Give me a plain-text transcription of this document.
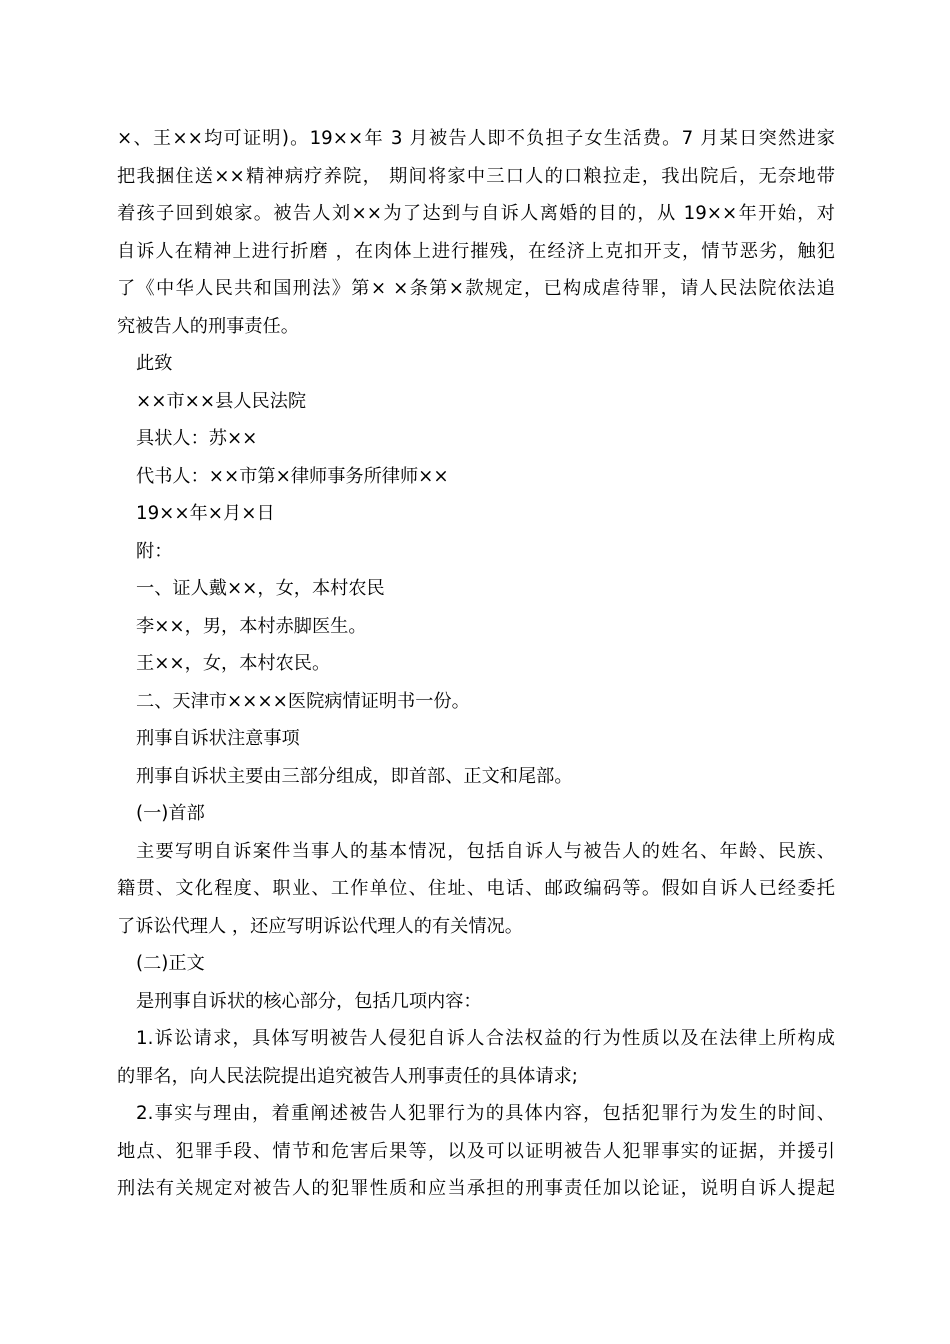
×、王××均可证明)。19××年 3 月被告人即不负担子女生活费。7 月某日突然进家
把我捆住送××精神病疗养院， 期间将家中三口人的口粮拉走，我出院后，无奈地带
着孩子回到娘家。被告人刘××为了达到与自诉人离婚的目的，从 19××年开始，对
自诉人在精神上进行折磨 ，在肉体上进行摧残，在经济上克扣开支，情节恶劣，触犯
了《中华人民共和国刑法》第× ×条第×款规定，已构成虐待罪，请人民法院依法追
究被告人的刑事责任。
此致
××市××县人民法院
具状人：苏××
代书人：××市第×律师事务所律师××
19××年×月×日
附：
一、证人戴××，女，本村农民
李××，男，本村赤脚医生。
王××，女，本村农民。
二、天津市××××医院病情证明书一份。
刑事自诉状注意事项
刑事自诉状主要由三部分组成，即首部、正文和尾部。
(一)首部
主要写明自诉案件当事人的基本情况，包括自诉人与被告人的姓名、年龄、民族、
籍贯、文化程度、职业、工作单位、住址、电话、邮政编码等。假如自诉人已经委托
了诉讼代理人 ，还应写明诉讼代理人的有关情况。
(二)正文
是刑事自诉状的核心部分，包括几项内容：
1.诉讼请求，具体写明被告人侵犯自诉人合法权益的行为性质以及在法律上所构成
的罪名，向人民法院提出追究被告人刑事责任的具体请求;
2.事实与理由，着重阐述被告人犯罪行为的具体内容，包括犯罪行为发生的时间、
地点、犯罪手段、情节和危害后果等，以及可以证明被告人犯罪事实的证据，并援引
刑法有关规定对被告人的犯罪性质和应当承担的刑事责任加以论证，说明自诉人提起
